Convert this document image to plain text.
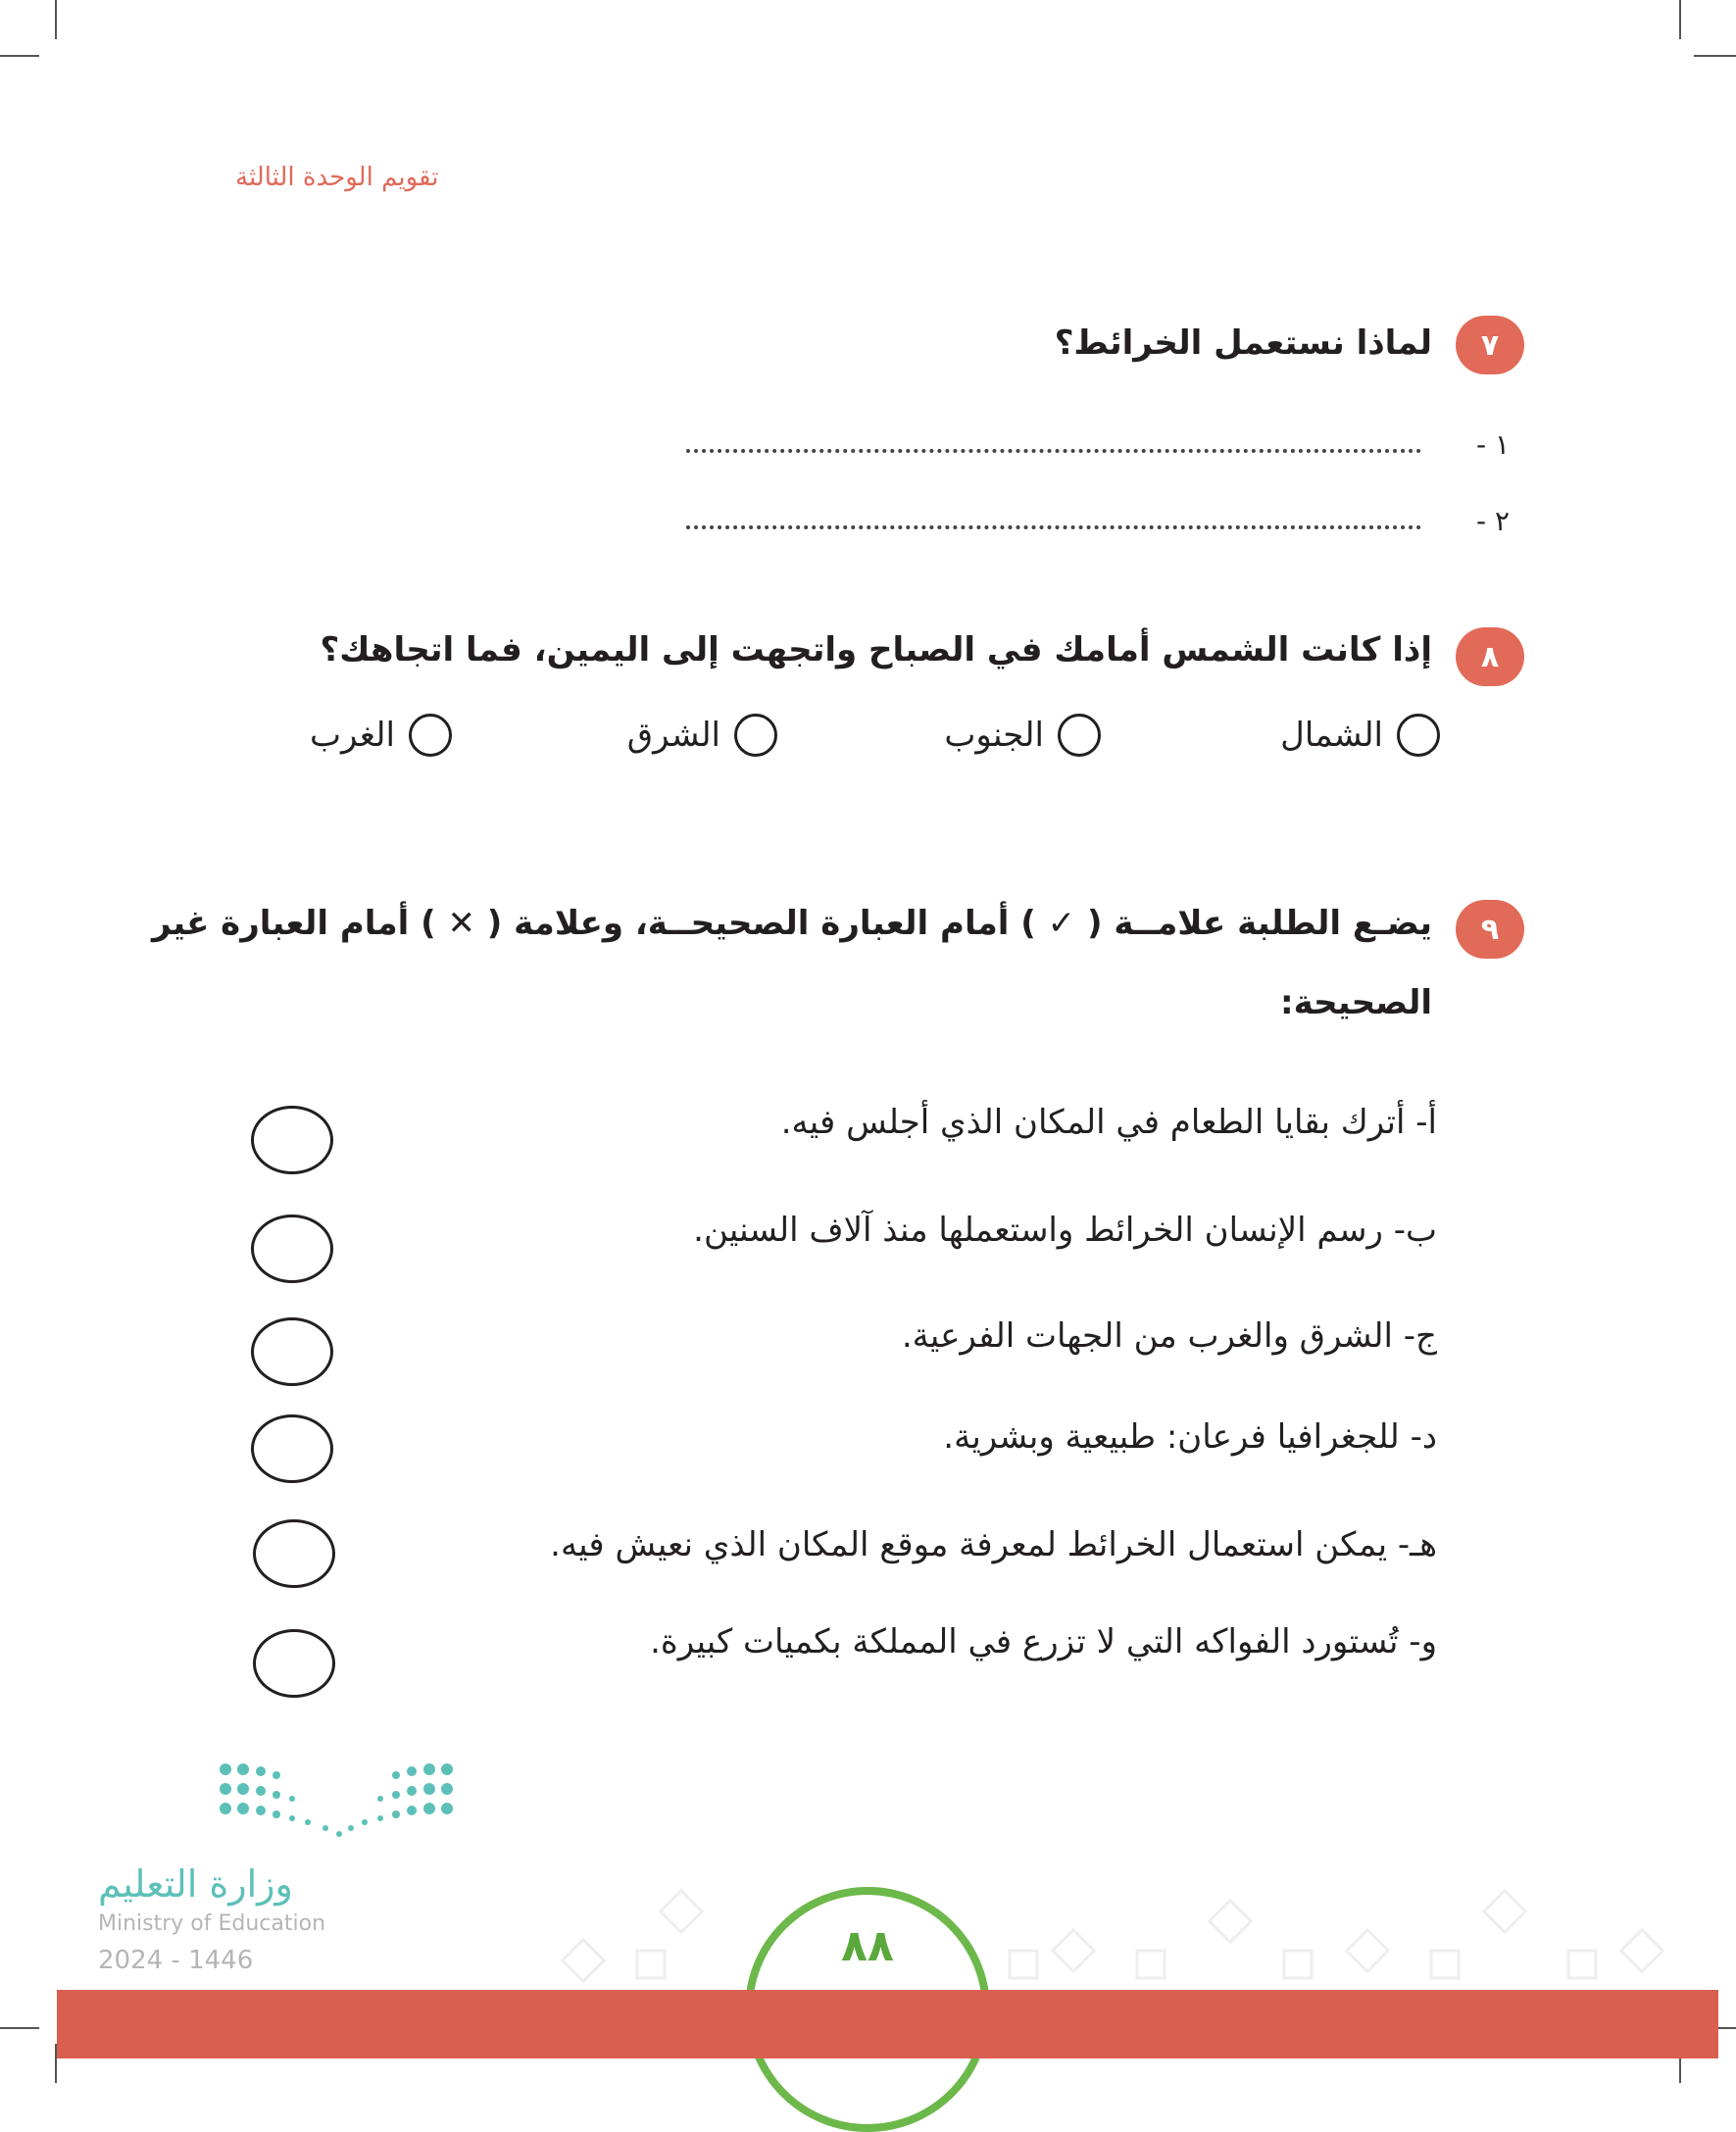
تقويم الوحدة الثالثة
٧
لماذا نستعمل الخرائط؟
١ -
٢ -
٨
إذا كانت الشمس أمامك في الصباح واتجهت إلى اليمين، فما اتجاهك؟
الشمال
الجنوب
الشرق
الغرب
٩
يضـع الطلبة علامــة ( ✓ ) أمام العبارة الصحيحــة، وعلامة ( ✕ ) أمام العبارة غير
الصحيحة:
أ- أترك بقايا الطعام في المكان الذي أجلس فيه.
ب- رسم الإنسان الخرائط واستعملها منذ آلاف السنين.
ج- الشرق والغرب من الجهات الفرعية.
د- للجغرافيا فرعان: طبيعية وبشرية.
هـ- يمكن استعمال الخرائط لمعرفة موقع المكان الذي نعيش فيه.
و- تُستورد الفواكه التي لا تزرع في المملكة بكميات كبيرة.
وزارة التعليم
Ministry of Education
2024 - 1446	٨٨
